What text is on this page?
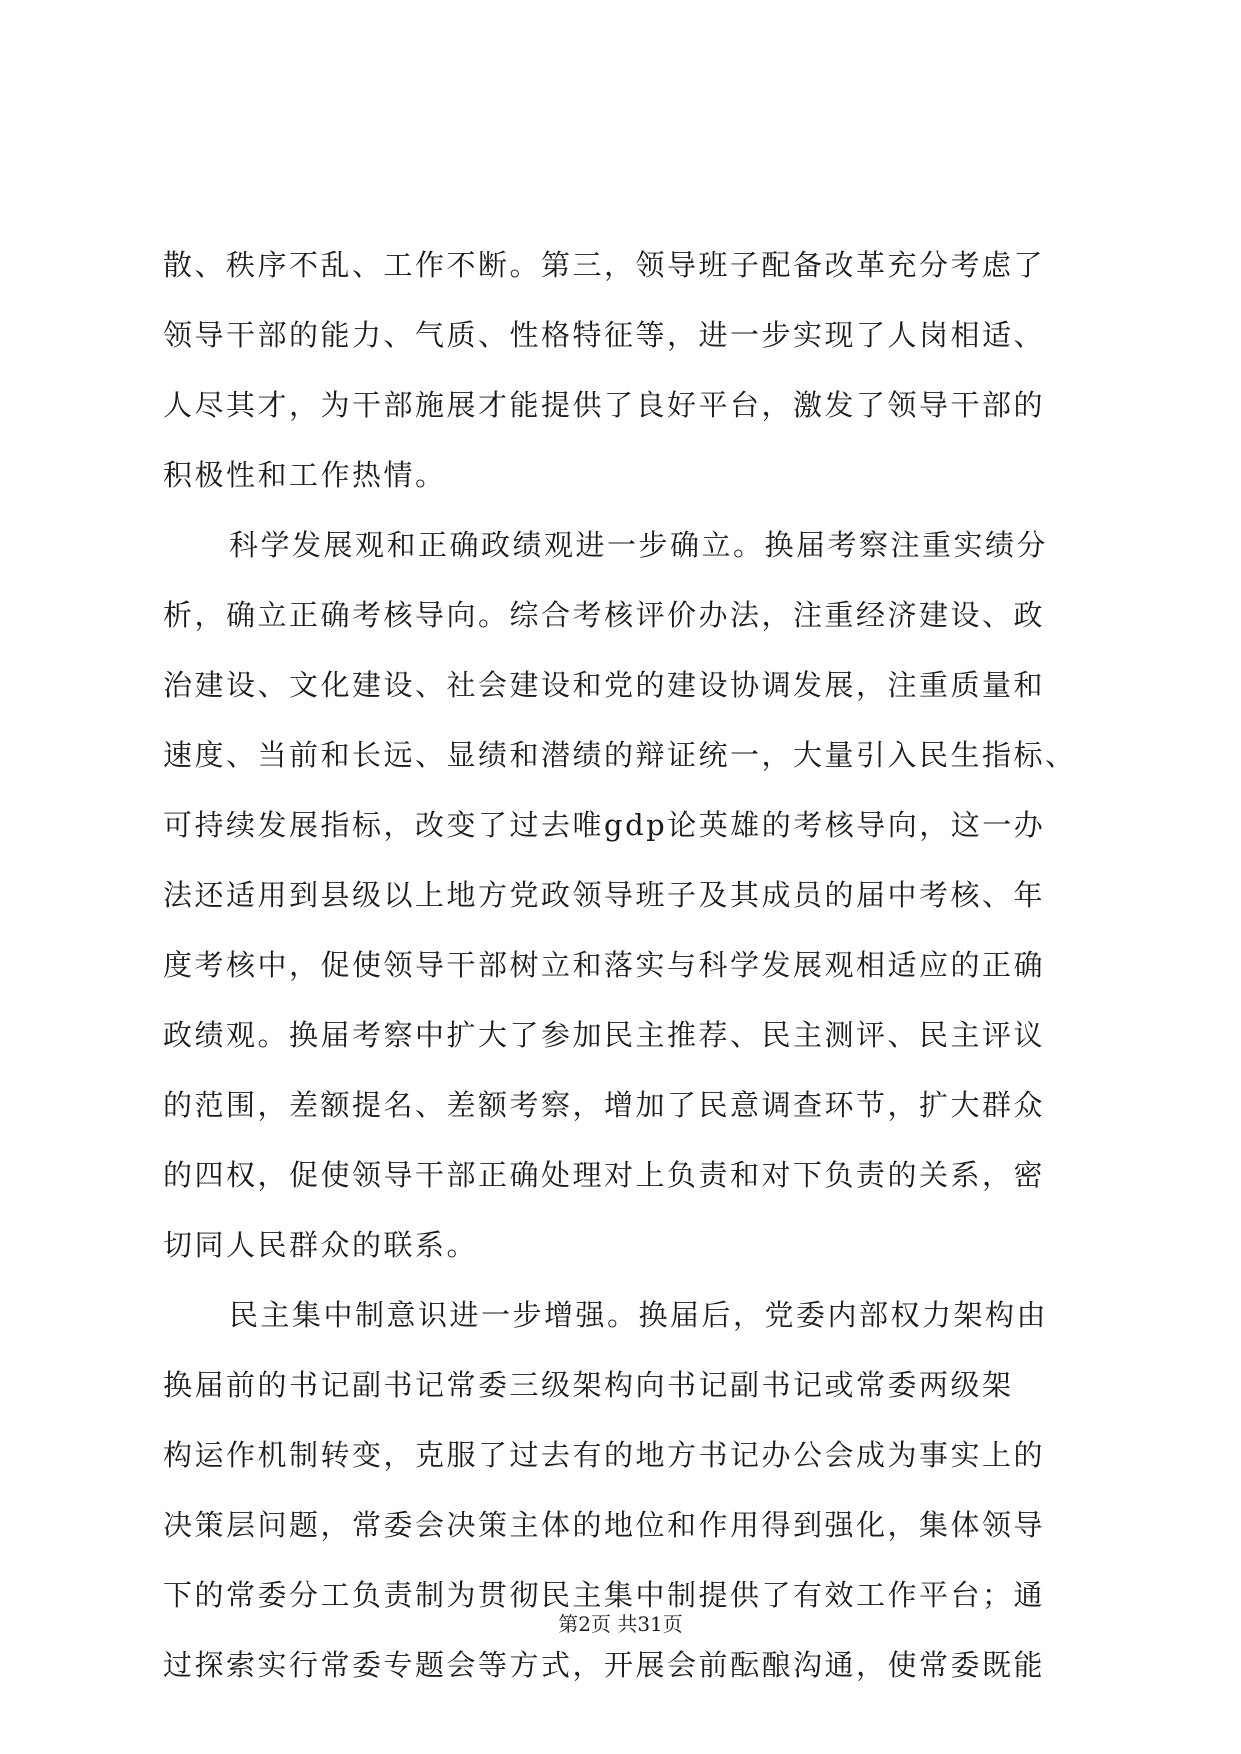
散、秩序不乱、工作不断。第三，领导班子配备改革充分考虑了
领导干部的能力、气质、性格特征等，进一步实现了人岗相适、
人尽其才，为干部施展才能提供了良好平台，激发了领导干部的
积极性和工作热情。
科学发展观和正确政绩观进一步确立。换届考察注重实绩分
析，确立正确考核导向。综合考核评价办法，注重经济建设、政
治建设、文化建设、社会建设和党的建设协调发展，注重质量和
速度、当前和长远、显绩和潜绩的辩证统一，大量引入民生指标、
可持续发展指标，改变了过去唯gdp论英雄的考核导向，这一办
法还适用到县级以上地方党政领导班子及其成员的届中考核、年
度考核中，促使领导干部树立和落实与科学发展观相适应的正确
政绩观。换届考察中扩大了参加民主推荐、民主测评、民主评议
的范围，差额提名、差额考察，增加了民意调查环节，扩大群众
的四权，促使领导干部正确处理对上负责和对下负责的关系，密
切同人民群众的联系。
民主集中制意识进一步增强。换届后，党委内部权力架构由
换届前的书记副书记常委三级架构向书记副书记或常委两级架
构运作机制转变，克服了过去有的地方书记办公会成为事实上的
决策层问题，常委会决策主体的地位和作用得到强化，集体领导
下的常委分工负责制为贯彻民主集中制提供了有效工作平台；通
过探索实行常委专题会等方式，开展会前酝酿沟通，使常委既能
第2页 共31页
